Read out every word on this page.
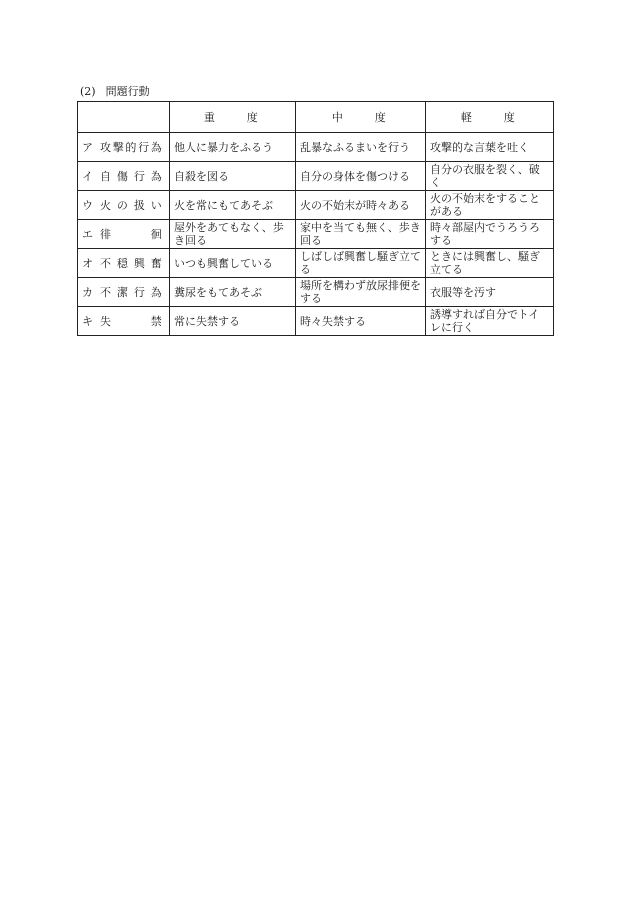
(2) 問題行動
	重　　度	中　　度	軽　　度
ア 攻撃的行為	他人に暴力をふるう	乱暴なふるまいを行う	攻撃的な言葉を吐く
イ 自傷行為	自殺を図る	自分の身体を傷つける	自分の衣服を裂く、破く
ウ 火の扱い	火を常にもてあそぶ	火の不始末が時々ある	火の不始末をすることがある
エ 徘徊	屋外をあてもなく、歩き回る	家中を当ても無く、歩き回る	時々部屋内でうろうろする
オ 不穏興奮	いつも興奮している	しばしば興奮し騒ぎ立てる	ときには興奮し、騒ぎ立てる
カ 不潔行為	糞尿をもてあそぶ	場所を構わず放尿排便をする	衣服等を汚す
キ 失禁	常に失禁する	時々失禁する	誘導すれば自分でトイレに行く
